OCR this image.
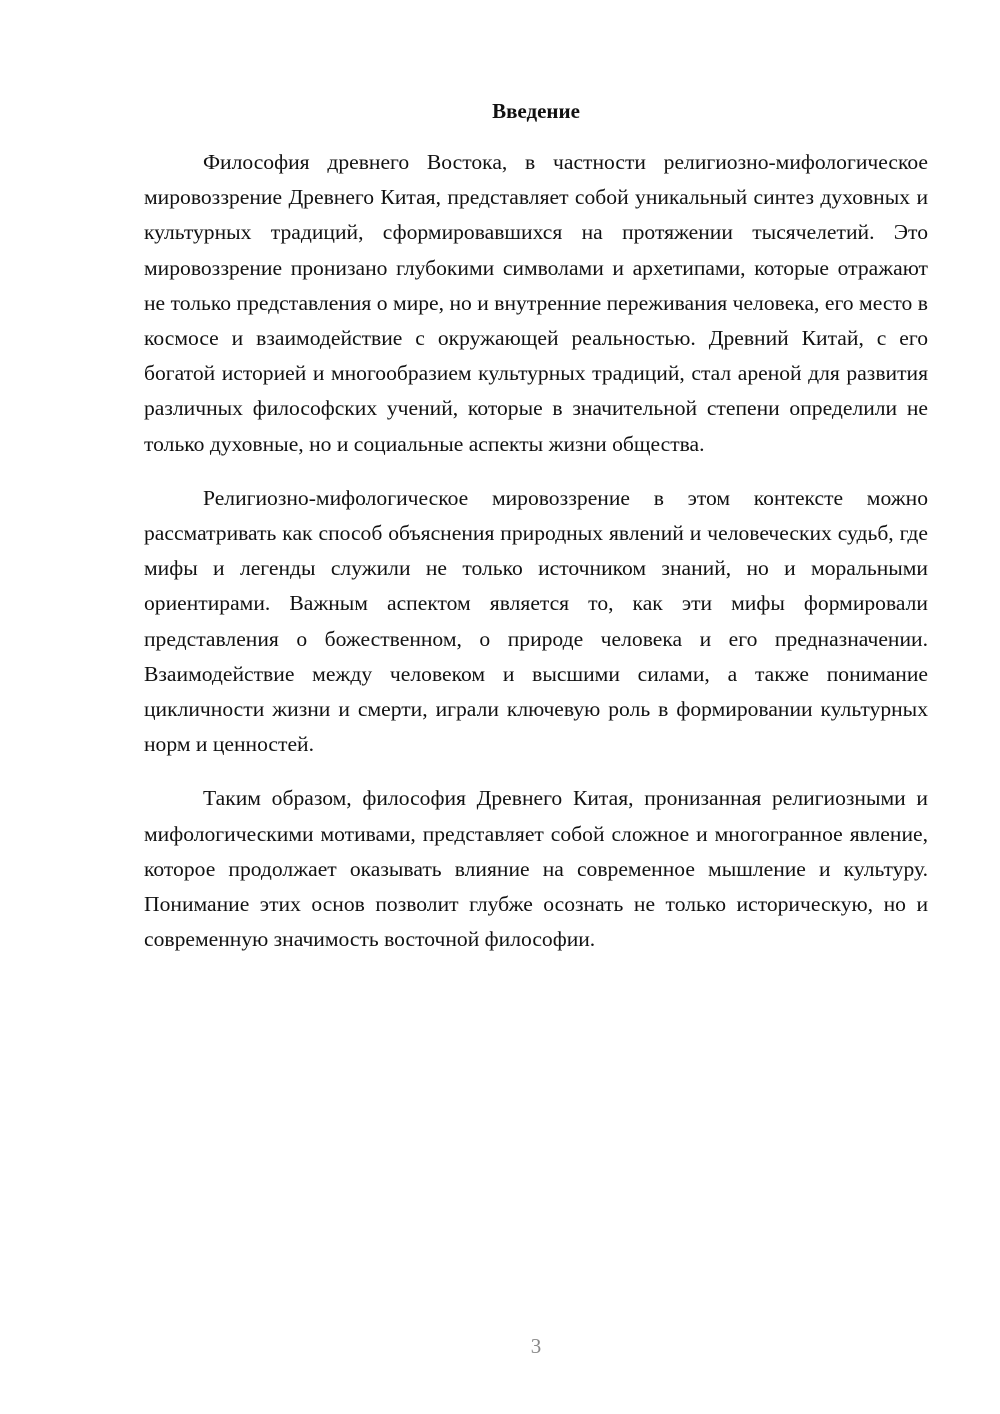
Введение

Философия древнего Востока, в частности религиозно-мифологическое мировоззрение Древнего Китая, представляет собой уникальный синтез духовных и культурных традиций, сформировавшихся на протяжении тысячелетий. Это мировоззрение пронизано глубокими символами и архетипами, которые отражают не только представления о мире, но и внутренние переживания человека, его место в космосе и взаимодействие с окружающей реальностью. Древний Китай, с его богатой историей и многообразием культурных традиций, стал ареной для развития различных философских учений, которые в значительной степени определили не только духовные, но и социальные аспекты жизни общества.

Религиозно-мифологическое мировоззрение в этом контексте можно рассматривать как способ объяснения природных явлений и человеческих судьб, где мифы и легенды служили не только источником знаний, но и моральными ориентирами. Важным аспектом является то, как эти мифы формировали представления о божественном, о природе человека и его предназначении. Взаимодействие между человеком и высшими силами, а также понимание цикличности жизни и смерти, играли ключевую роль в формировании культурных норм и ценностей.

Таким образом, философия Древнего Китая, пронизанная религиозными и мифологическими мотивами, представляет собой сложное и многогранное явление, которое продолжает оказывать влияние на современное мышление и культуру. Понимание этих основ позволит глубже осознать не только историческую, но и современную значимость восточной философии.

3
